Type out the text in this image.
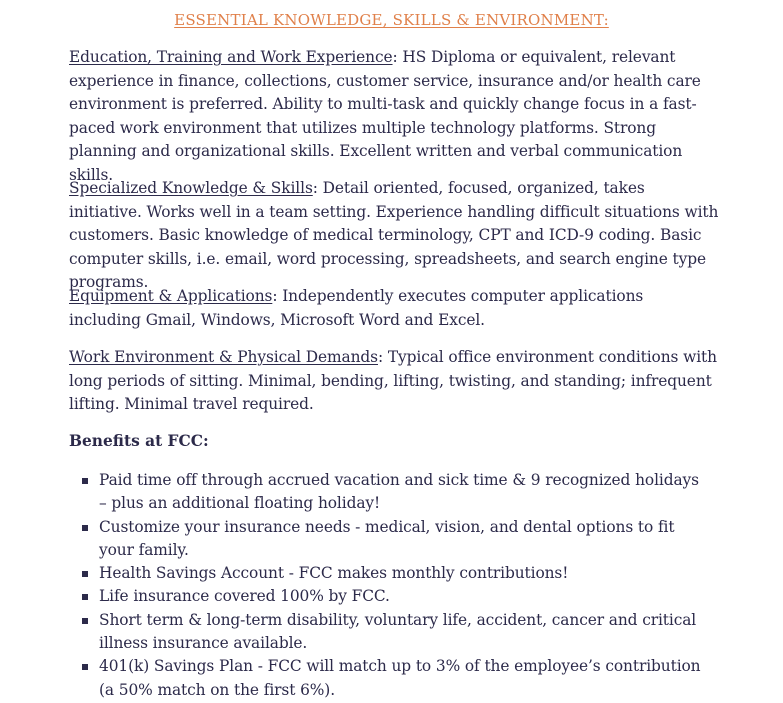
ESSENTIAL KNOWLEDGE, SKILLS & ENVIRONMENT:

Education, Training and Work Experience: HS Diploma or equivalent, relevant experience in finance, collections, customer service, insurance and/or health care environment is preferred. Ability to multi-task and quickly change focus in a fast-paced work environment that utilizes multiple technology platforms. Strong planning and organizational skills. Excellent written and verbal communication skills.

Specialized Knowledge & Skills: Detail oriented, focused, organized, takes initiative. Works well in a team setting. Experience handling difficult situations with customers. Basic knowledge of medical terminology, CPT and ICD-9 coding. Basic computer skills, i.e. email, word processing, spreadsheets, and search engine type programs.

Equipment & Applications: Independently executes computer applications including Gmail, Windows, Microsoft Word and Excel.

Work Environment & Physical Demands: Typical office environment conditions with long periods of sitting. Minimal, bending, lifting, twisting, and standing; infrequent lifting. Minimal travel required.

Benefits at FCC:

Paid time off through accrued vacation and sick time & 9 recognized holidays – plus an additional floating holiday!
Customize your insurance needs - medical, vision, and dental options to fit your family.
Health Savings Account - FCC makes monthly contributions!
Life insurance covered 100% by FCC.
Short term & long-term disability, voluntary life, accident, cancer and critical illness insurance available.
401(k) Savings Plan - FCC will match up to 3% of the employee’s contribution (a 50% match on the first 6%).
